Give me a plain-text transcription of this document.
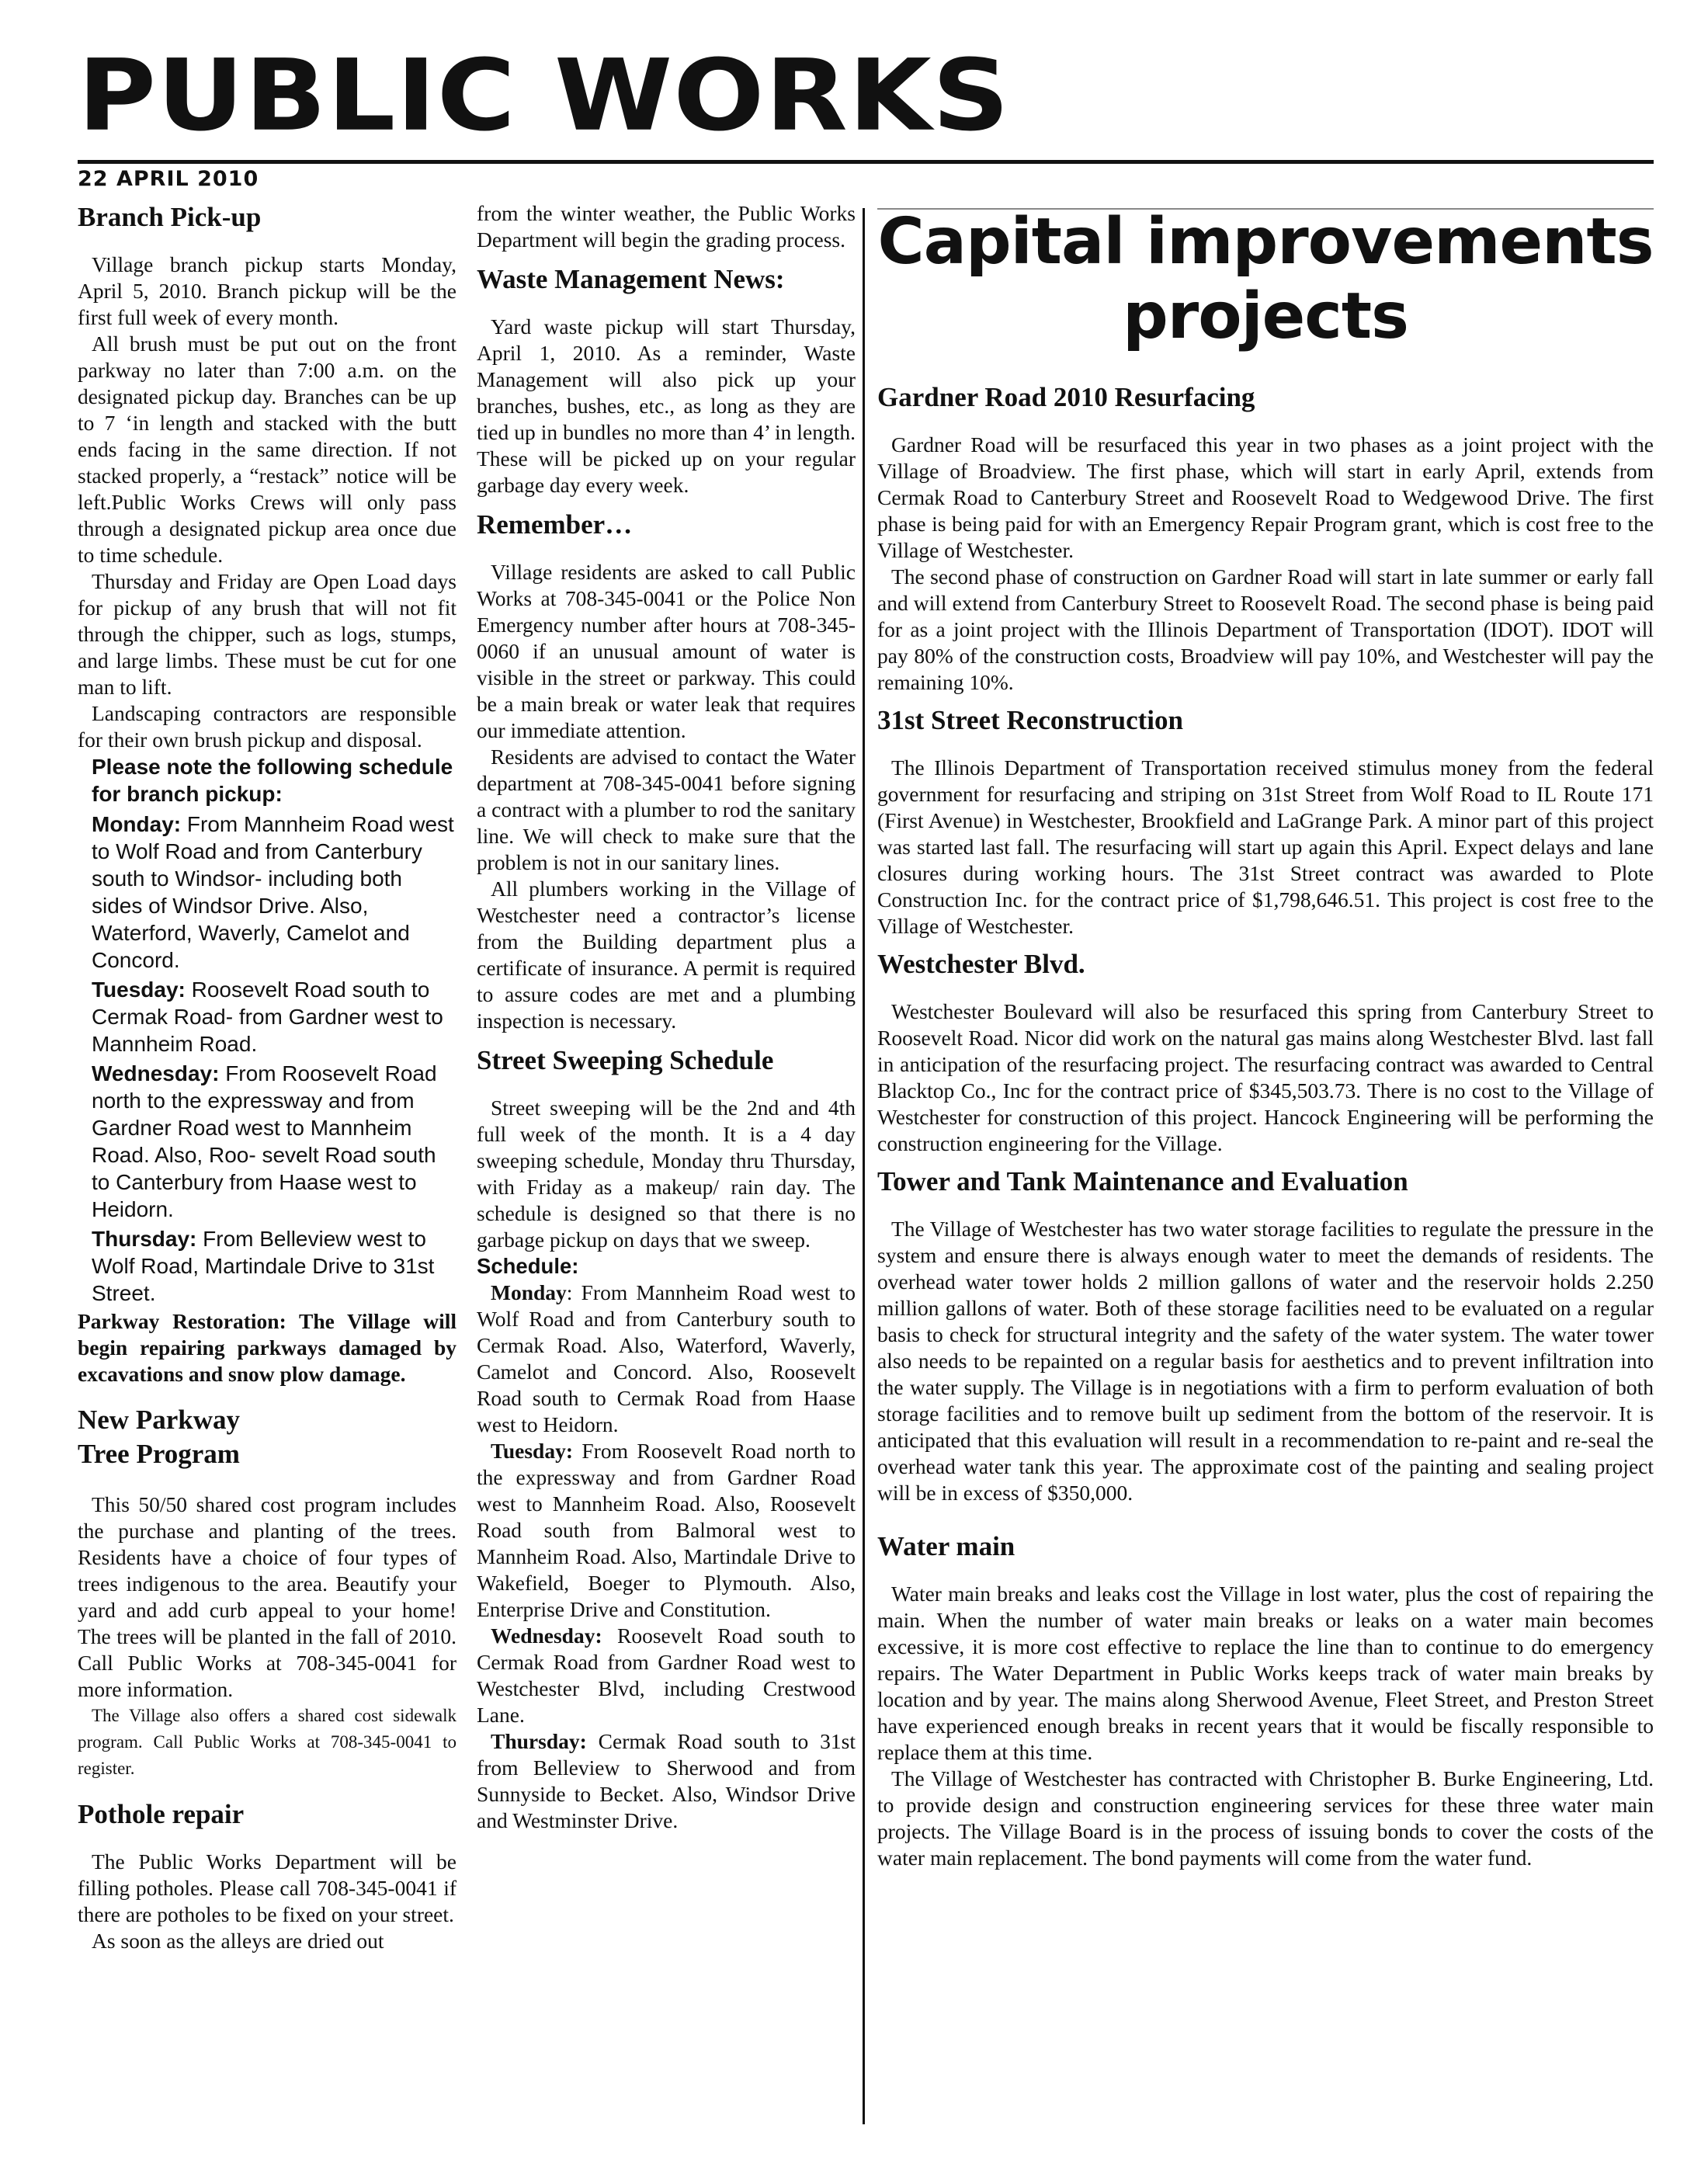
PUBLIC WORKS
22 APRIL 2010
Branch Pick-up

Village branch pickup starts Monday, April 5, 2010. Branch pickup will be the first full week of every month.

All brush must be put out on the front parkway no later than 7:00 a.m. on the designated pickup day. Branches can be up to 7 ‘in length and stacked with the butt ends facing in the same direction. If not stacked properly, a “restack” notice will be left.Public Works Crews will only pass through a designated pickup area once due to time schedule.

Thursday and Friday are Open Load days for pickup of any brush that will not fit through the chipper, such as logs, stumps, and large limbs. These must be cut for one man to lift.

Landscaping contractors are responsible for their own brush pickup and disposal.

Please note the following schedule for branch pickup:
Monday: From Mannheim Road west to Wolf Road and from Canterbury south to Windsor- including both sides of Windsor Drive. Also, Waterford, Waverly, Camelot and Concord.
Tuesday: Roosevelt Road south to Cermak Road- from Gardner west to Mannheim Road.
Wednesday: From Roosevelt Road north to the expressway and from Gardner Road west to Mannheim Road. Also, Roo- sevelt Road south to Canterbury from Haase west to Heidorn.
Thursday: From Belleview west to Wolf Road, Martindale Drive to 31st Street.

Parkway Restoration: The Village will begin repairing parkways damaged by excavations and snow plow damage.

New Parkway
Tree Program

This 50/50 shared cost program includes the purchase and planting of the trees. Residents have a choice of four types of trees indigenous to the area. Beautify your yard and add curb appeal to your home! The trees will be planted in the fall of 2010. Call Public Works at 708-345-0041 for more information.

The Village also offers a shared cost sidewalk program. Call Public Works at 708-345-0041 to register.

Pothole repair

The Public Works Department will be filling potholes. Please call 708-345-0041 if there are potholes to be fixed on your street.

As soon as the alleys are dried out

from the winter weather, the Public Works Department will begin the grading process.

Waste Management News:

Yard waste pickup will start Thursday, April 1, 2010. As a reminder, Waste Management will also pick up your branches, bushes, etc., as long as they are tied up in bundles no more than 4’ in length. These will be picked up on your regular garbage day every week.

Remember…

Village residents are asked to call Public Works at 708-345-0041 or the Police Non Emergency number after hours at 708-345-0060 if an unusual amount of water is visible in the street or parkway. This could be a main break or water leak that requires our immediate attention.

Residents are advised to contact the Water department at 708-345-0041 before signing a contract with a plumber to rod the sanitary line. We will check to make sure that the problem is not in our sanitary lines.

All plumbers working in the Village of Westchester need a contractor’s license from the Building department plus a certificate of insurance. A permit is required to assure codes are met and a plumbing inspection is necessary.

Street Sweeping Schedule

Street sweeping will be the 2nd and 4th full week of the month. It is a 4 day sweeping schedule, Monday thru Thursday, with Friday as a makeup/ rain day. The schedule is designed so that there is no garbage pickup on days that we sweep.

Schedule:

Monday: From Mannheim Road west to Wolf Road and from Canterbury south to Cermak Road. Also, Waterford, Waverly, Camelot and Concord. Also, Roosevelt Road south to Cermak Road from Haase west to Heidorn.

Tuesday: From Roosevelt Road north to the expressway and from Gardner Road west to Mannheim Road. Also, Roosevelt Road south from Balmoral west to Mannheim Road. Also, Martindale Drive to Wakefield, Boeger to Plymouth. Also, Enterprise Drive and Constitution.

Wednesday: Roosevelt Road south to Cermak Road from Gardner Road west to Westchester Blvd, including Crestwood Lane.

Thursday: Cermak Road south to 31st from Belleview to Sherwood and from Sunnyside to Becket. Also, Windsor Drive and Westminster Drive.

Capital improvements
projects
Gardner Road 2010 Resurfacing

Gardner Road will be resurfaced this year in two phases as a joint project with the Village of Broadview. The first phase, which will start in early April, extends from Cermak Road to Canterbury Street and Roosevelt Road to Wedgewood Drive. The first phase is being paid for with an Emergency Repair Program grant, which is cost free to the Village of Westchester.

The second phase of construction on Gardner Road will start in late summer or early fall and will extend from Canterbury Street to Roosevelt Road. The second phase is being paid for as a joint project with the Illinois Department of Transportation (IDOT). IDOT will pay 80% of the construction costs, Broadview will pay 10%, and Westchester will pay the remaining 10%.

31st Street Reconstruction

The Illinois Department of Transportation received stimulus money from the federal government for resurfacing and striping on 31st Street from Wolf Road to IL Route 171 (First Avenue) in Westchester, Brookfield and LaGrange Park. A minor part of this project was started last fall. The resurfacing will start up again this April. Expect delays and lane closures during working hours. The 31st Street contract was awarded to Plote Construction Inc. for the contract price of $1,798,646.51. This project is cost free to the Village of Westchester.

Westchester Blvd.

Westchester Boulevard will also be resurfaced this spring from Canterbury Street to Roosevelt Road. Nicor did work on the natural gas mains along Westchester Blvd. last fall in anticipation of the resurfacing project. The resurfacing contract was awarded to Central Blacktop Co., Inc for the contract price of $345,503.73. There is no cost to the Village of Westchester for construction of this project. Hancock Engineering will be performing the construction engineering for the Village.

Tower and Tank Maintenance and Evaluation

The Village of Westchester has two water storage facilities to regulate the pressure in the system and ensure there is always enough water to meet the demands of residents. The overhead water tower holds 2 million gallons of water and the reservoir holds 2.250 million gallons of water. Both of these storage facilities need to be evaluated on a regular basis to check for structural integrity and the safety of the water system. The water tower also needs to be repainted on a regular basis for aesthetics and to prevent infiltration into the water supply. The Village is in negotiations with a firm to perform evaluation of both storage facilities and to remove built up sediment from the bottom of the reservoir. It is anticipated that this evaluation will result in a recommendation to re-paint and re-seal the overhead water tank this year. The approximate cost of the painting and sealing project will be in excess of $350,000.

Water main

Water main breaks and leaks cost the Village in lost water, plus the cost of repairing the main. When the number of water main breaks or leaks on a water main becomes excessive, it is more cost effective to replace the line than to continue to do emergency repairs. The Water Department in Public Works keeps track of water main breaks by location and by year. The mains along Sherwood Avenue, Fleet Street, and Preston Street have experienced enough breaks in recent years that it would be fiscally responsible to replace them at this time.

The Village of Westchester has contracted with Christopher B. Burke Engineering, Ltd. to provide design and construction engineering services for these three water main projects. The Village Board is in the process of issuing bonds to cover the costs of the water main replacement. The bond payments will come from the water fund.
